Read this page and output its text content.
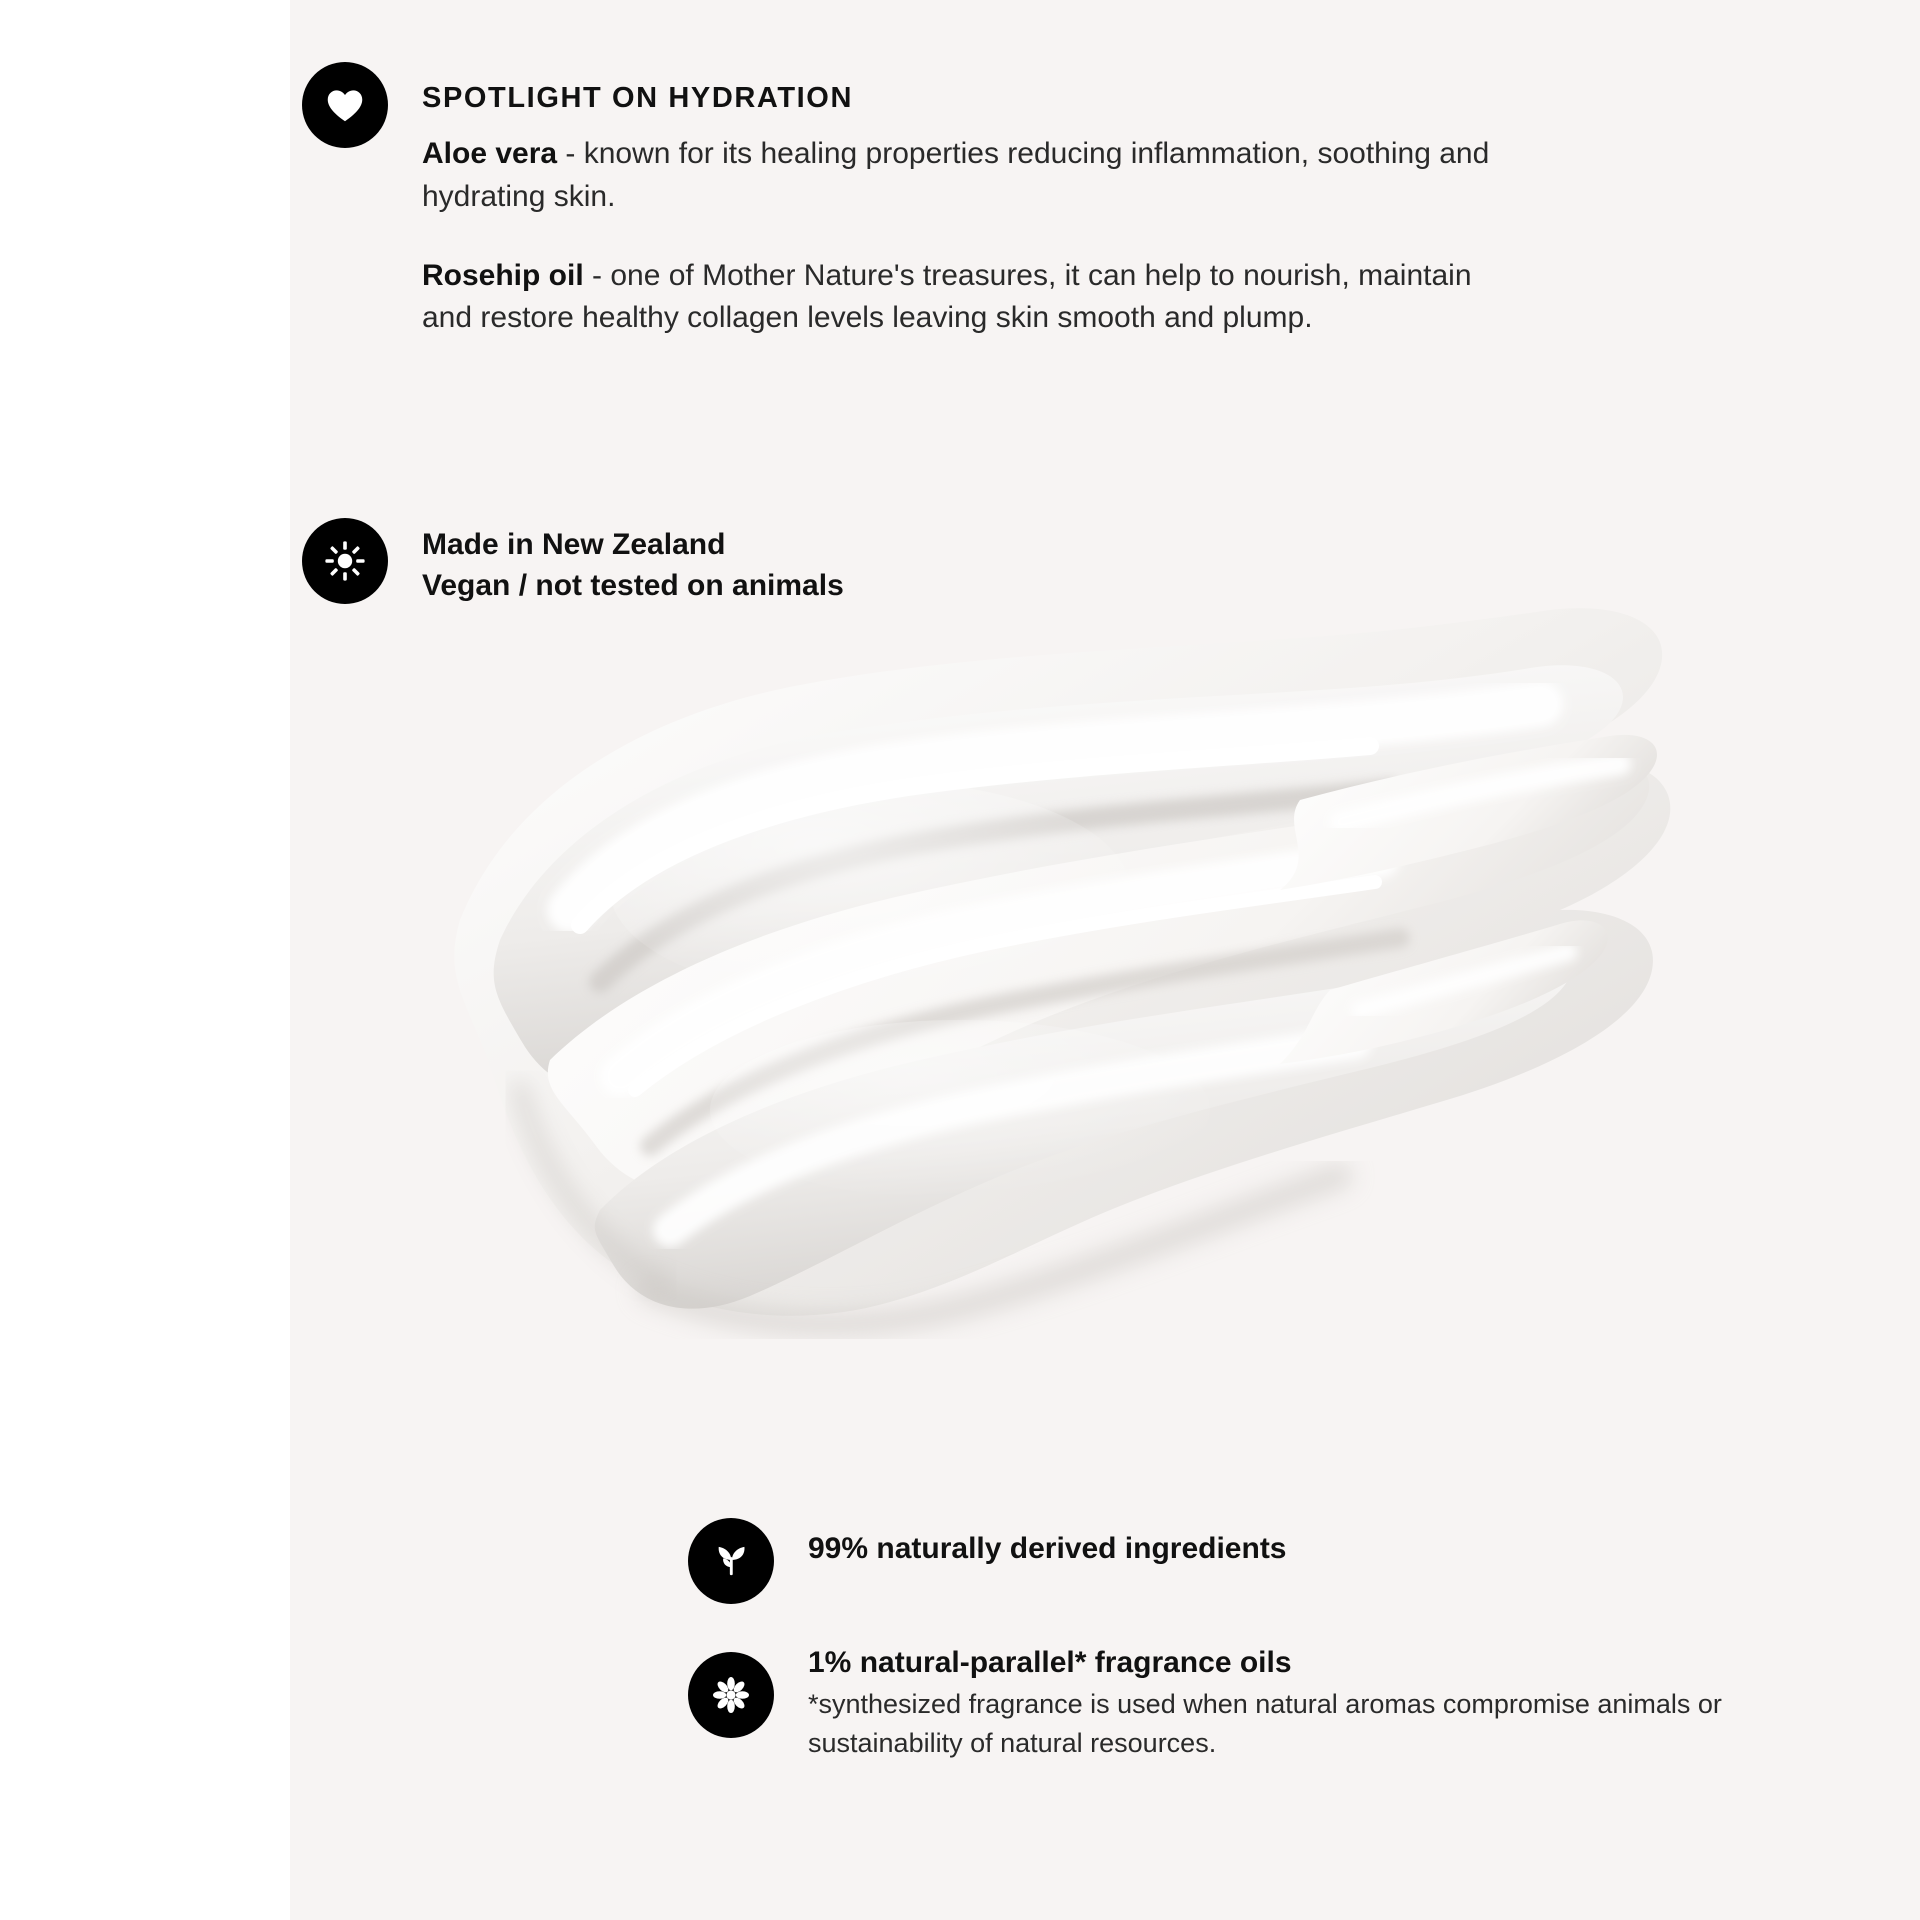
SPOTLIGHT ON HYDRATION

Aloe vera - known for its healing properties reducing inflammation, soothing and hydrating skin.

Rosehip oil - one of Mother Nature's treasures, it can help to nourish, maintain and restore healthy collagen levels leaving skin smooth and plump.

Made in New Zealand

Vegan / not tested on animals

99% naturally derived ingredients

1% natural-parallel* fragrance oils

*synthesized fragrance is used when natural aromas compromise animals or sustainability of natural resources.
